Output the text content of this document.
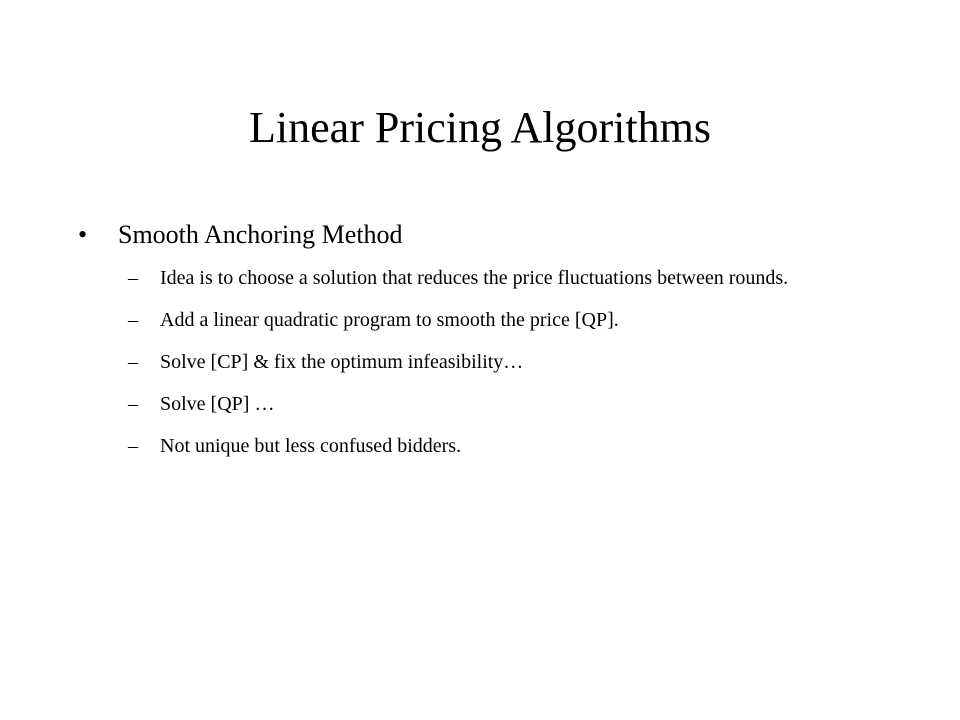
Linear Pricing Algorithms
• Smooth Anchoring Method
– Idea is to choose a solution that reduces the price fluctuations between rounds.
– Add a linear quadratic program to smooth the price [QP].
– Solve [CP] & fix the optimum infeasibility…
– Solve [QP] …
– Not unique but less confused bidders.
